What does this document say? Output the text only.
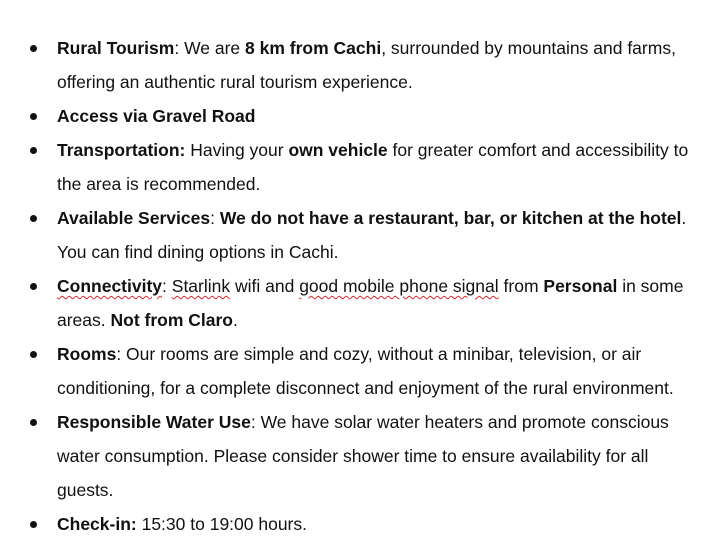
Rural Tourism: We are 8 km from Cachi, surrounded by mountains and farms, offering an authentic rural tourism experience.
Access via Gravel Road
Transportation: Having your own vehicle for greater comfort and accessibility to the area is recommended.
Available Services: We do not have a restaurant, bar, or kitchen at the hotel. You can find dining options in Cachi.
Connectivity: Starlink wifi and good mobile phone signal from Personal in some areas. Not from Claro.
Rooms: Our rooms are simple and cozy, without a minibar, television, or air conditioning, for a complete disconnect and enjoyment of the rural environment.
Responsible Water Use: We have solar water heaters and promote conscious water consumption. Please consider shower time to ensure availability for all guests.
Check-in: 15:30 to 19:00 hours.
